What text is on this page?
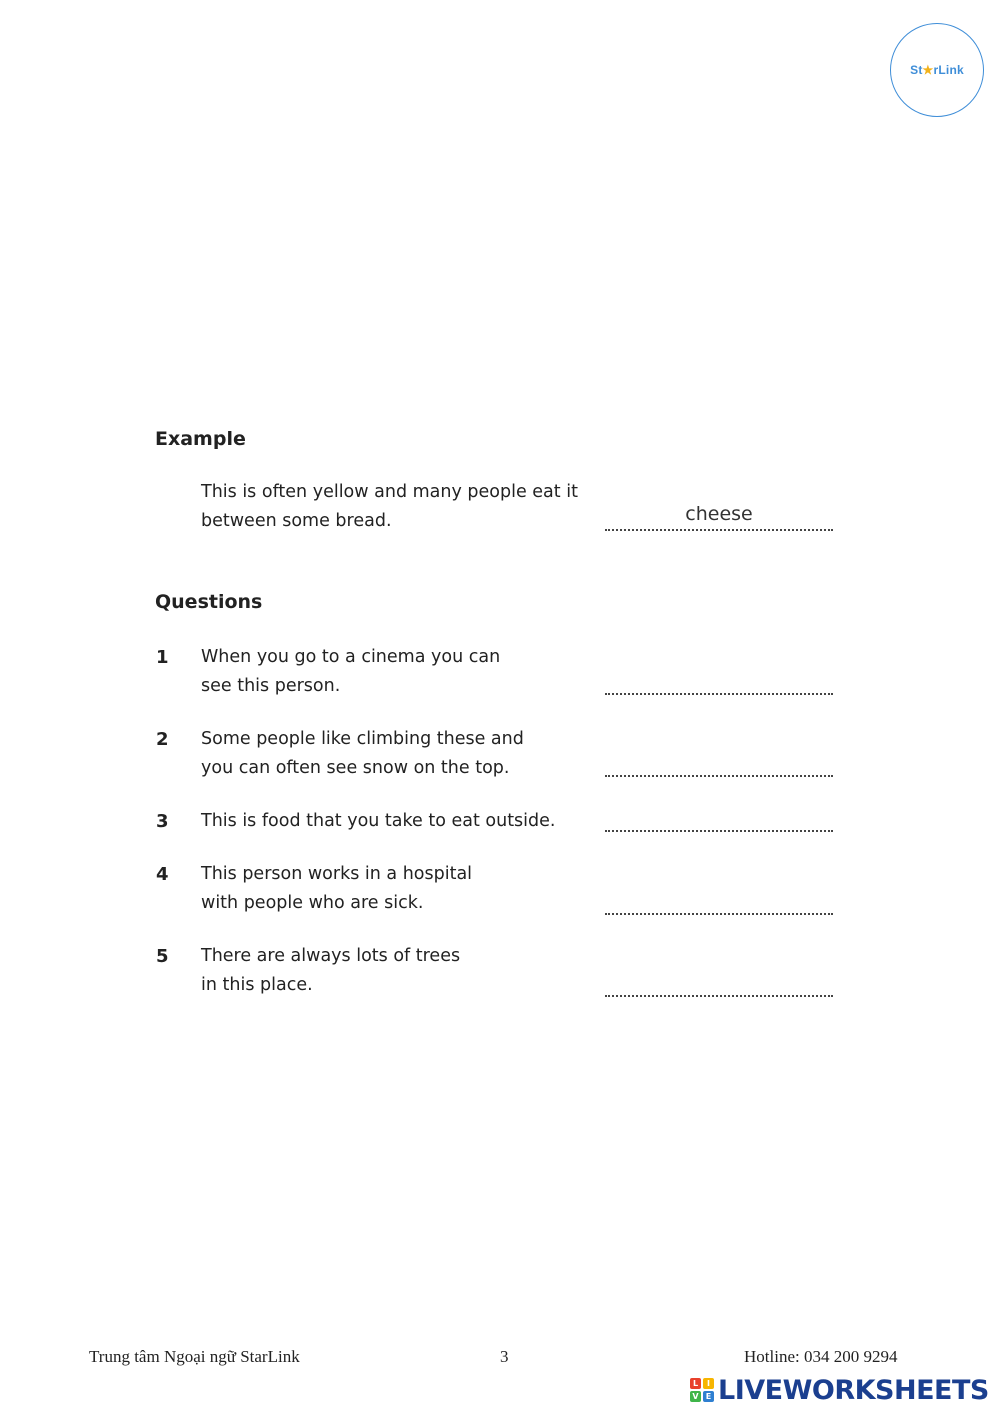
St★rLink
Example
This is often yellow and many people eat it
between some bread.	cheese
Questions
1 When you go to a cinema you can
see this person.
2 Some people like climbing these and
you can often see snow on the top.
3 This is food that you take to eat outside.
4 This person works in a hospital
with people who are sick.
5 There are always lots of trees
in this place.
Trung tâm Ngoại ngữ StarLink	3	Hotline: 034 200 9294
L	I
V E LIVEWORKSHEETS
